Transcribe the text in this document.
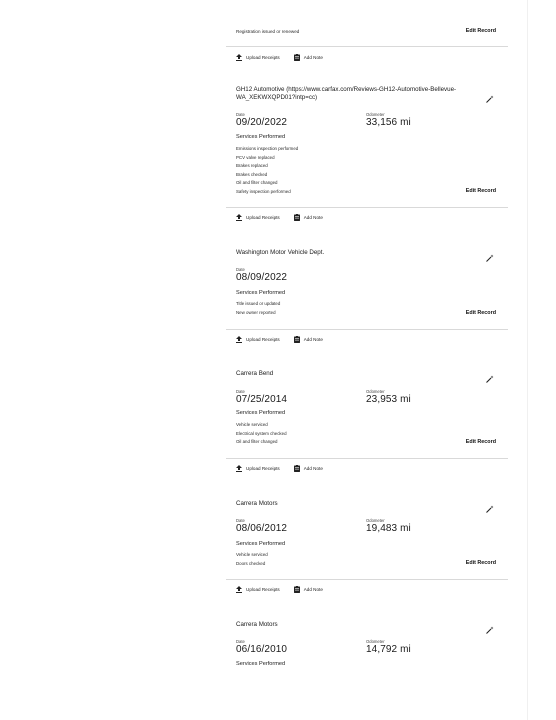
Registration issued or renewed	Edit Record
Upload Receipts	Add Note
GH12 Automotive (https://www.carfax.com/Reviews-GH12-Automotive-Bellevue-WA_XEKWXQPD01?intp=cc)
Date
09/20/2022
Odometer
33,156 mi
Services Performed
Emissions inspection performed
PCV valve replaced
Brakes replaced
Brakes checked
Oil and filter changed
Safety inspection performed	Edit Record
Upload Receipts	Add Note
Washington Motor Vehicle Dept.
Date
08/09/2022
Services Performed
Title issued or updated
New owner reported	Edit Record
Upload Receipts	Add Note
Carrera Bend
Date
07/25/2014
Odometer
23,953 mi
Services Performed
Vehicle serviced
Electrical system checked
Oil and filter changed	Edit Record
Upload Receipts	Add Note
Carrera Motors
Date
08/06/2012
Odometer
19,483 mi
Services Performed
Vehicle serviced
Doors checked	Edit Record
Upload Receipts	Add Note
Carrera Motors
Date
06/16/2010
Odometer
14,792 mi
Services Performed
